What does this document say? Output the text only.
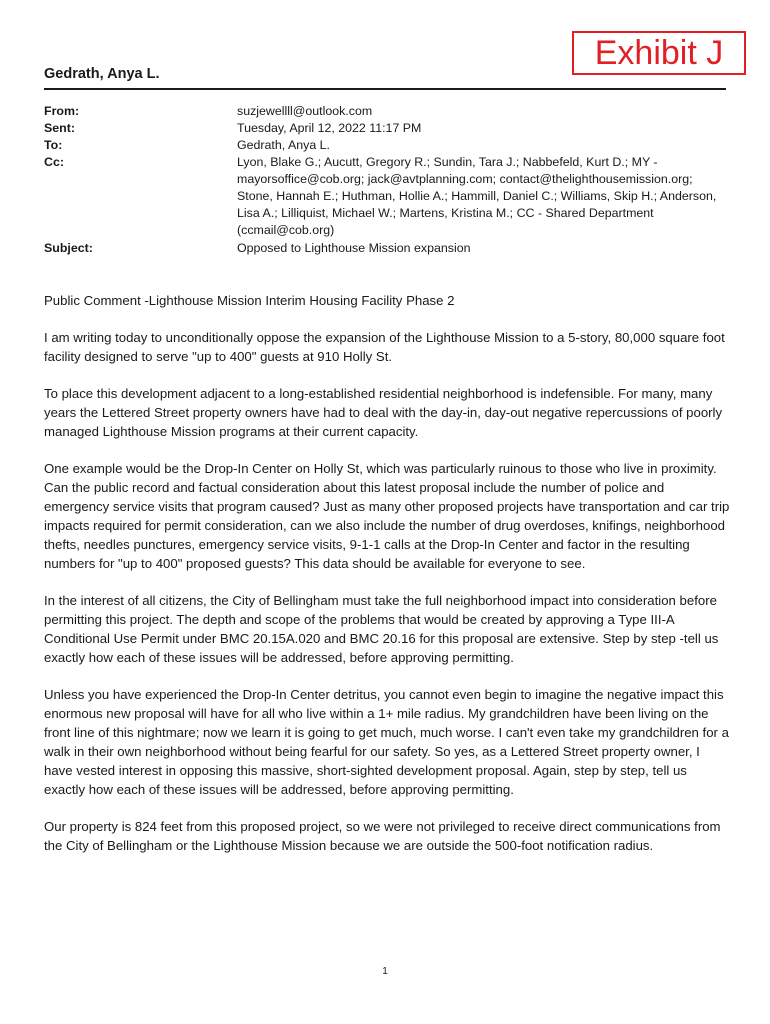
Exhibit J
Gedrath, Anya L.
From:	suzjewellll@outlook.com
Sent:	Tuesday, April 12, 2022 11:17 PM
To:	Gedrath, Anya L.
Cc:	Lyon, Blake G.; Aucutt, Gregory R.; Sundin, Tara J.; Nabbefeld, Kurt D.; MY - mayorsoffice@cob.org; jack@avtplanning.com; contact@thelighthousemission.org; Stone, Hannah E.; Huthman, Hollie A.; Hammill, Daniel C.; Williams, Skip H.; Anderson, Lisa A.; Lilliquist, Michael W.; Martens, Kristina M.; CC - Shared Department (ccmail@cob.org)
Subject:	Opposed to Lighthouse Mission expansion

Public Comment -Lighthouse Mission Interim Housing Facility Phase 2

I am writing today to unconditionally oppose the expansion of the Lighthouse Mission to a 5-story, 80,000 square foot facility designed to serve "up to 400" guests at 910 Holly St.

To place this development adjacent to a long-established residential neighborhood is indefensible. For many, many years the Lettered Street property owners have had to deal with the day-in, day-out negative repercussions of poorly managed Lighthouse Mission programs at their current capacity.

One example would be the Drop-In Center on Holly St, which was particularly ruinous to those who live in proximity. Can the public record and factual consideration about this latest proposal include the number of police and emergency service visits that program caused? Just as many other proposed projects have transportation and car trip impacts required for permit consideration, can we also include the number of drug overdoses, knifings, neighborhood thefts, needles punctures, emergency service visits, 9-1-1 calls at the Drop-In Center and factor in the resulting numbers for "up to 400" proposed guests? This data should be available for everyone to see.

In the interest of all citizens, the City of Bellingham must take the full neighborhood impact into consideration before permitting this project. The depth and scope of the problems that would be created by approving a Type III-A Conditional Use Permit under BMC 20.15A.020 and BMC 20.16 for this proposal are extensive. Step by step -tell us exactly how each of these issues will be addressed, before approving permitting.

Unless you have experienced the Drop-In Center detritus, you cannot even begin to imagine the negative impact this enormous new proposal will have for all who live within a 1+ mile radius. My grandchildren have been living on the front line of this nightmare; now we learn it is going to get much, much worse. I can't even take my grandchildren for a walk in their own neighborhood without being fearful for our safety. So yes, as a Lettered Street property owner, I have vested interest in opposing this massive, short-sighted development proposal. Again, step by step, tell us exactly how each of these issues will be addressed, before approving permitting.

Our property is 824 feet from this proposed project, so we were not privileged to receive direct communications from the City of Bellingham or the Lighthouse Mission because we are outside the 500-foot notification radius.

1
